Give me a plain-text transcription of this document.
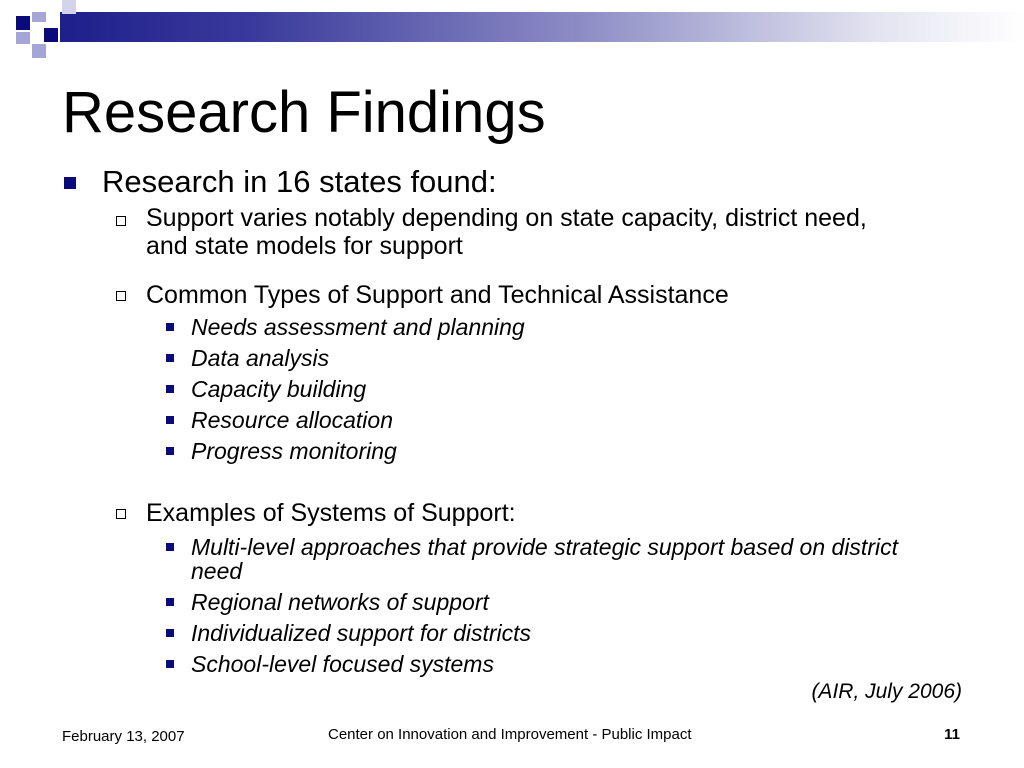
Research Findings
Research in 16 states found:
Support varies notably depending on state capacity, district need, and state models for support
Common Types of Support and Technical Assistance
Needs assessment and planning
Data analysis
Capacity building
Resource allocation
Progress monitoring
Examples of Systems of Support:
Multi-level approaches that provide strategic support based on district need
Regional networks of support
Individualized support for districts
School-level focused systems
(AIR, July 2006)
February 13, 2007	Center on Innovation and Improvement - Public Impact	11
